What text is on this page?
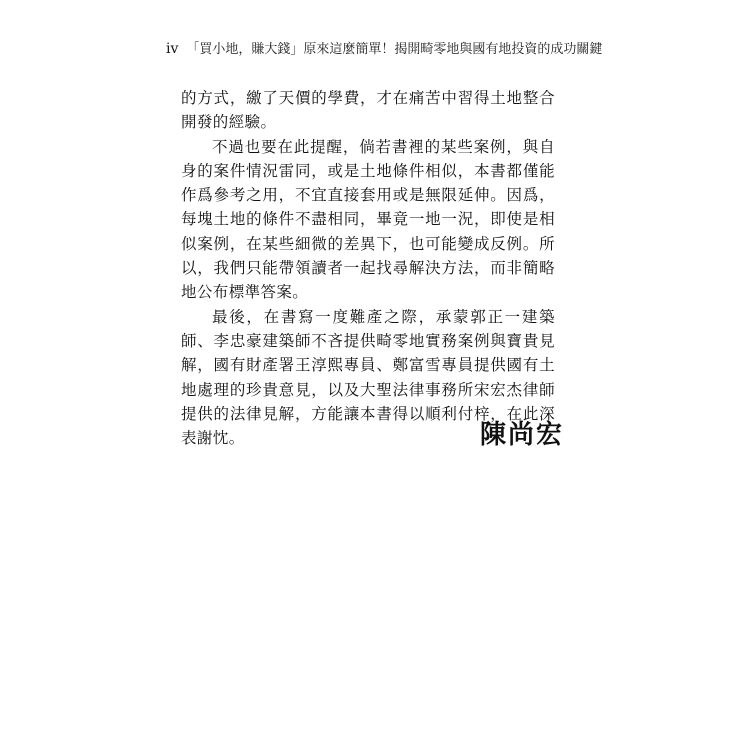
iv 「買小地，賺大錢」原來這麼簡單！揭開畸零地與國有地投資的成功關鍵

的方式，繳了天價的學費，才在痛苦中習得土地整合開發的經驗。

不過也要在此提醒，倘若書裡的某些案例，與自身的案件情況雷同，或是土地條件相似，本書都僅能作爲參考之用，不宜直接套用或是無限延伸。因爲，每塊土地的條件不盡相同，畢竟一地一況，即使是相似案例，在某些細微的差異下，也可能變成反例。所以，我們只能帶領讀者一起找尋解決方法，而非簡略地公布標準答案。

最後，在書寫一度難產之際，承蒙郭正一建築師、李忠豪建築師不吝提供畸零地實務案例與寶貴見解，國有財產署王淳熙專員、鄭富雪專員提供國有土地處理的珍貴意見，以及大聖法律事務所宋宏杰律師提供的法律見解，方能讓本書得以順利付梓，在此深表謝忱。	陳尚宏
